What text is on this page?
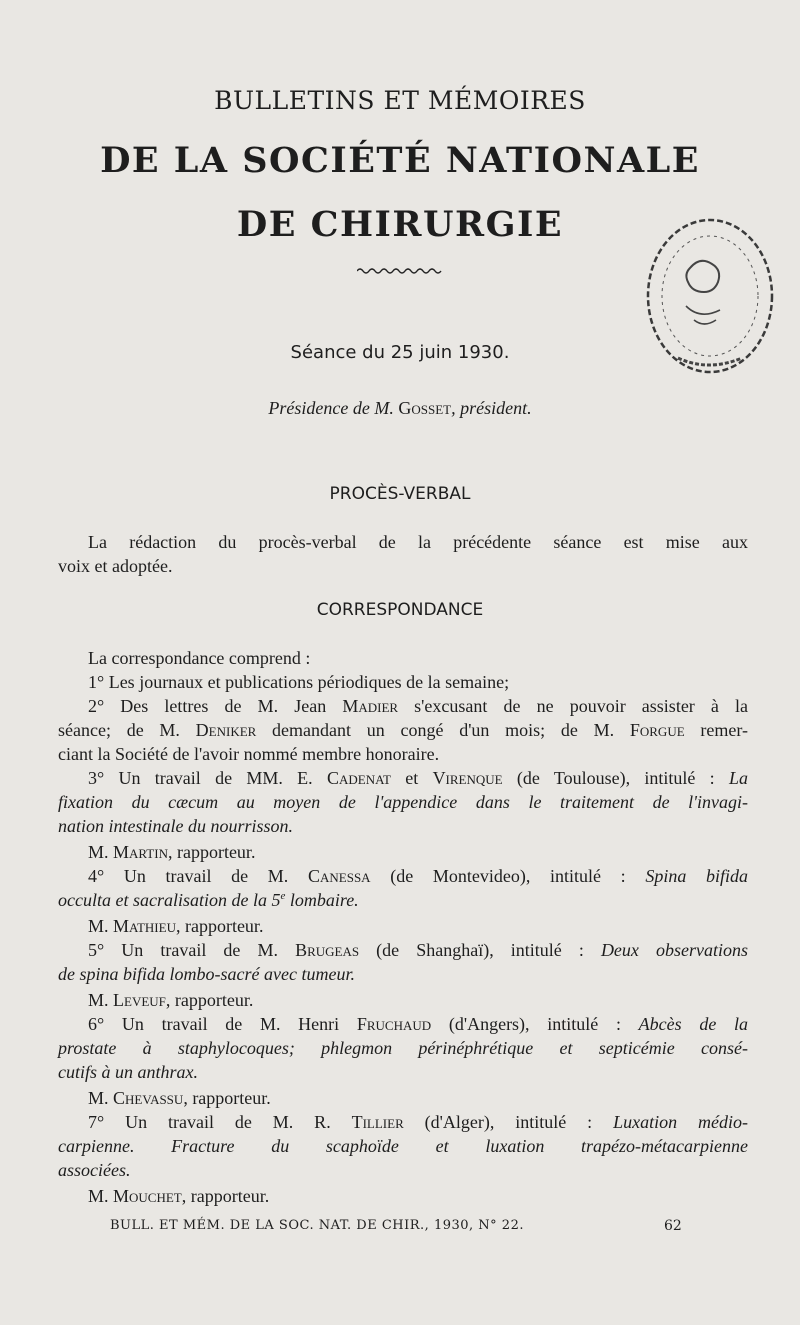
BULLETINS ET MÉMOIRES
DE LA SOCIÉTÉ NATIONALE
DE CHIRURGIE
Séance du 25 juin 1930.
Présidence de M. Gosset, président.
PROCÈS-VERBAL
La rédaction du procès-verbal de la précédente séance est mise aux
voix et adoptée.
CORRESPONDANCE
La correspondance comprend :
1° Les journaux et publications périodiques de la semaine;
2° Des lettres de M. Jean Madier s'excusant de ne pouvoir assister à la
séance; de M. Deniker demandant un congé d'un mois; de M. Forgue remer-
ciant la Société de l'avoir nommé membre honoraire.
3° Un travail de MM. E. Cadenat et Virenque (de Toulouse), intitulé : La
fixation du cæcum au moyen de l'appendice dans le traitement de l'invagi-
nation intestinale du nourrisson.
M. Martin, rapporteur.
4° Un travail de M. Canessa (de Montevideo), intitulé : Spina bifida
occulta et sacralisation de la 5e lombaire.
M. Mathieu, rapporteur.
5° Un travail de M. Brugeas (de Shanghaï), intitulé : Deux observations
de spina bifida lombo-sacré avec tumeur.
M. Leveuf, rapporteur.
6° Un travail de M. Henri Fruchaud (d'Angers), intitulé : Abcès de la
prostate à staphylocoques; phlegmon périnéphrétique et septicémie consé-
cutifs à un anthrax.
M. Chevassu, rapporteur.
7° Un travail de M. R. Tillier (d'Alger), intitulé : Luxation médio-
carpienne. Fracture du scaphoïde et luxation trapézo-métacarpienne
associées.
M. Mouchet, rapporteur.
BULL. ET MÉM. DE LA SOC. NAT. DE CHIR., 1930, N° 22.	62
